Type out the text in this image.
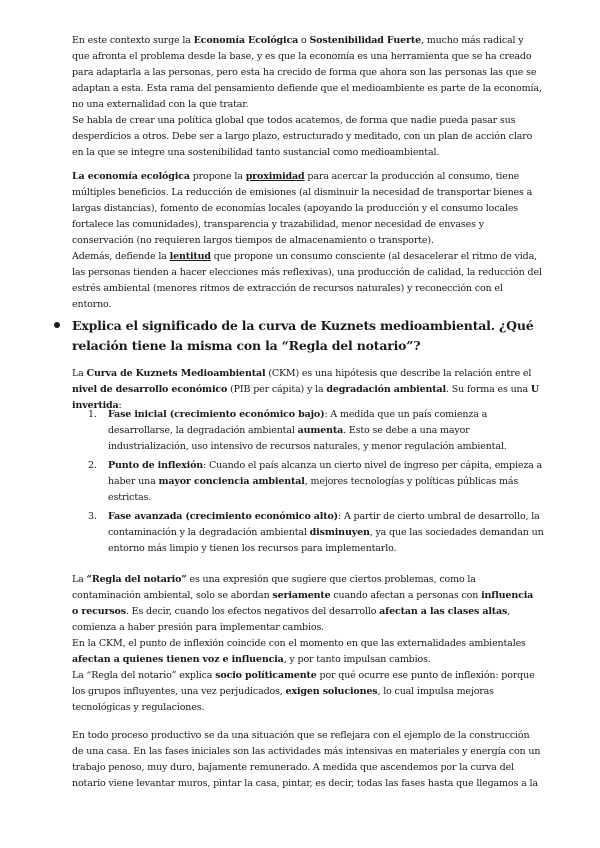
En este contexto surge la Economía Ecológica o Sostenibilidad Fuerte, mucho más radical y que afronta el problema desde la base, y es que la economía es una herramienta que se ha creado para adaptarla a las personas, pero esta ha crecido de forma que ahora son las personas las que se adaptan a esta. Esta rama del pensamiento defiende que el medioambiente es parte de la economía, no una externalidad con la que tratar.

Se habla de crear una política global que todos acatemos, de forma que nadie pueda pasar sus desperdicios a otros. Debe ser a largo plazo, estructurado y meditado, con un plan de acción claro en la que se integre una sostenibilidad tanto sustancial como medioambiental.

La economía ecológica propone la proximidad para acercar la producción al consumo, tiene múltiples beneficios. La reducción de emisiones (al disminuir la necesidad de transportar bienes a largas distancias), fomento de economías locales (apoyando la producción y el consumo locales fortalece las comunidades), transparencia y trazabilidad, menor necesidad de envases y conservación (no requieren largos tiempos de almacenamiento o transporte).

Además, defiende la lentitud que propone un consumo consciente (al desacelerar el ritmo de vida, las personas tienden a hacer elecciones más reflexivas), una producción de calidad, la reducción del estrés ambiental (menores ritmos de extracción de recursos naturales) y reconección con el entorno.

Explica el significado de la curva de Kuznets medioambiental. ¿Qué relación tiene la misma con la “Regla del notario”?

La Curva de Kuznets Medioambiental (CKM) es una hipótesis que describe la relación entre el nivel de desarrollo económico (PIB per cápita) y la degradación ambiental. Su forma es una U invertida:

1. Fase inicial (crecimiento económico bajo): A medida que un país comienza a desarrollarse, la degradación ambiental aumenta. Esto se debe a una mayor industrialización, uso intensivo de recursos naturales, y menor regulación ambiental.
2. Punto de inflexión: Cuando el país alcanza un cierto nivel de ingreso per cápita, empieza a haber una mayor conciencia ambiental, mejores tecnologías y políticas públicas más estrictas.
3. Fase avanzada (crecimiento económico alto): A partir de cierto umbral de desarrollo, la contaminación y la degradación ambiental disminuyen, ya que las sociedades demandan un entorno más limpio y tienen los recursos para implementarlo.

La “Regla del notario” es una expresión que sugiere que ciertos problemas, como la contaminación ambiental, solo se abordan seriamente cuando afectan a personas con influencia o recursos. Es decir, cuando los efectos negativos del desarrollo afectan a las clases altas, comienza a haber presión para implementar cambios.

En la CKM, el punto de inflexión coincide con el momento en que las externalidades ambientales afectan a quienes tienen voz e influencia, y por tanto impulsan cambios.

La “Regla del notario” explica socio políticamente por qué ocurre ese punto de inflexión: porque los grupos influyentes, una vez perjudicados, exigen soluciones, lo cual impulsa mejoras tecnológicas y regulaciones.

En todo proceso productivo se da una situación que se reflejara con el ejemplo de la construcción de una casa. En las fases iniciales son las actividades más intensivas en materiales y energía con un trabajo penoso, muy duro, bajamente remunerado. A medida que ascendemos por la curva del notario viene levantar muros, pintar la casa, pintar, es decir, todas las fases hasta que llegamos a la
